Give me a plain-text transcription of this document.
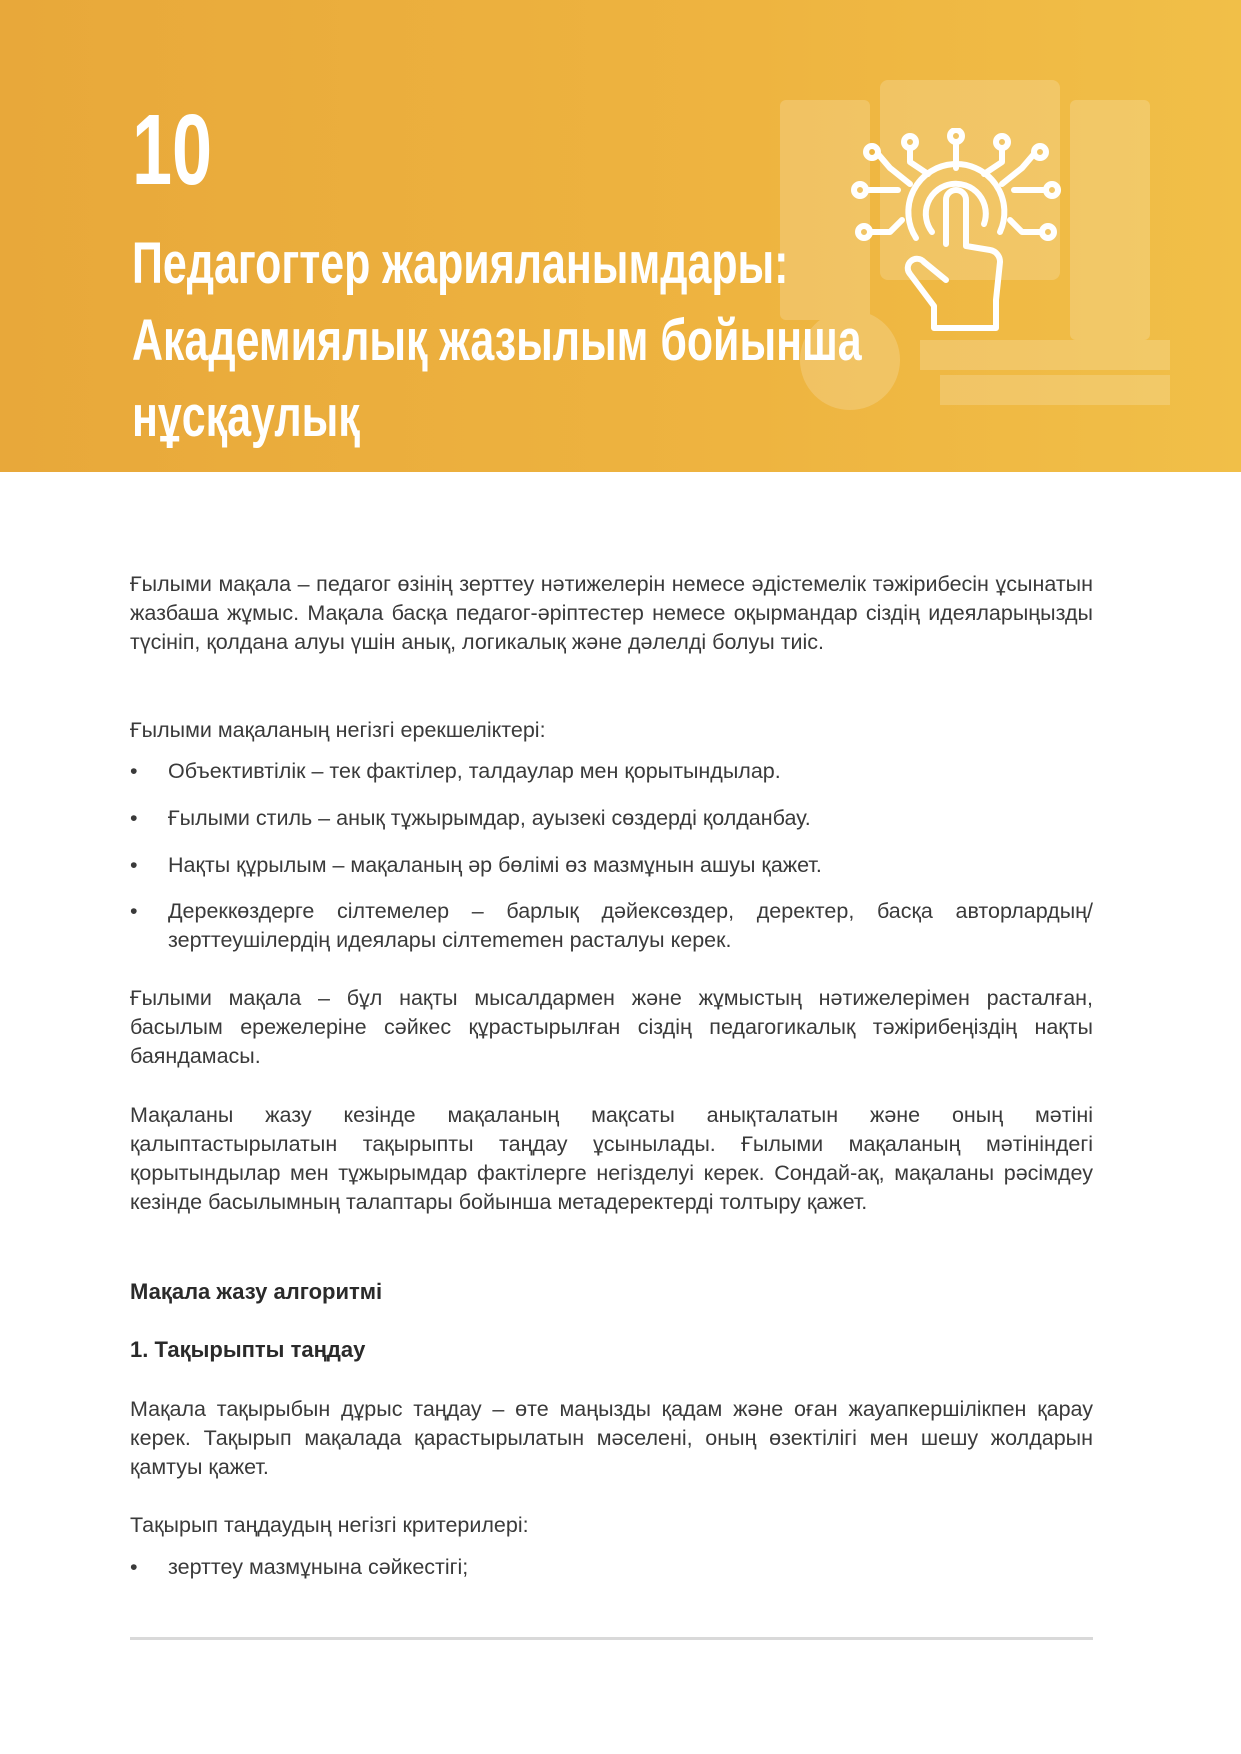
10
Педагогтер жарияланымдары:
Академиялық жазылым бойынша
нұсқаулық

Ғылыми мақала – педагог өзінің зерттеу нәтижелерін немесе әдістемелік тәжірибесін ұсынатын жазбаша жұмыс. Мақала басқа педагог-әріптестер немесе оқырмандар сіздің идеяларыңызды түсініп, қолдана алуы үшін анық, логикалық және дәлелді болуы тиіс.

Ғылыми мақаланың негізгі ерекшеліктері:

• Объективтілік – тек фактілер, талдаулар мен қорытындылар.
• Ғылыми стиль – анық тұжырымдар, ауызекі сөздерді қолданбау.
• Нақты құрылым – мақаланың әр бөлімі өз мазмұнын ашуы қажет.
• Дереккөздерге сілтемелер – барлық дәйексөздер, деректер, басқа авторлардың/зерттеушілердің идеялары сілтememен расталуы керек.

Ғылыми мақала – бұл нақты мысалдармен және жұмыстың нәтижелерімен расталған, басылым ережелеріне сәйкес құрастырылған сіздің педагогикалық тәжірибеңіздің нақты баяндамасы.

Мақаланы жазу кезінде мақаланың мақсаты анықталатын және оның мәтіні қалыптастырылатын тақырыпты таңдау ұсынылады. Ғылыми мақаланың мәтініндегі қорытындылар мен тұжырымдар фактілерге негізделуі керек. Сондай-ақ, мақаланы рәсімдеу кезінде басылымның талаптары бойынша метадеректерді толтыру қажет.

Мақала жазу алгоритмі
1. Тақырыпты таңдау

Мақала тақырыбын дұрыс таңдау – өте маңызды қадам және оған жауапкершілікпен қарау керек. Тақырып мақалада қарастырылатын мәселені, оның өзектілігі мен шешу жолдарын қамтуы қажет.

Тақырып таңдаудың негізгі критерилері:

• зерттеу мазмұнына сәйкестігі;
